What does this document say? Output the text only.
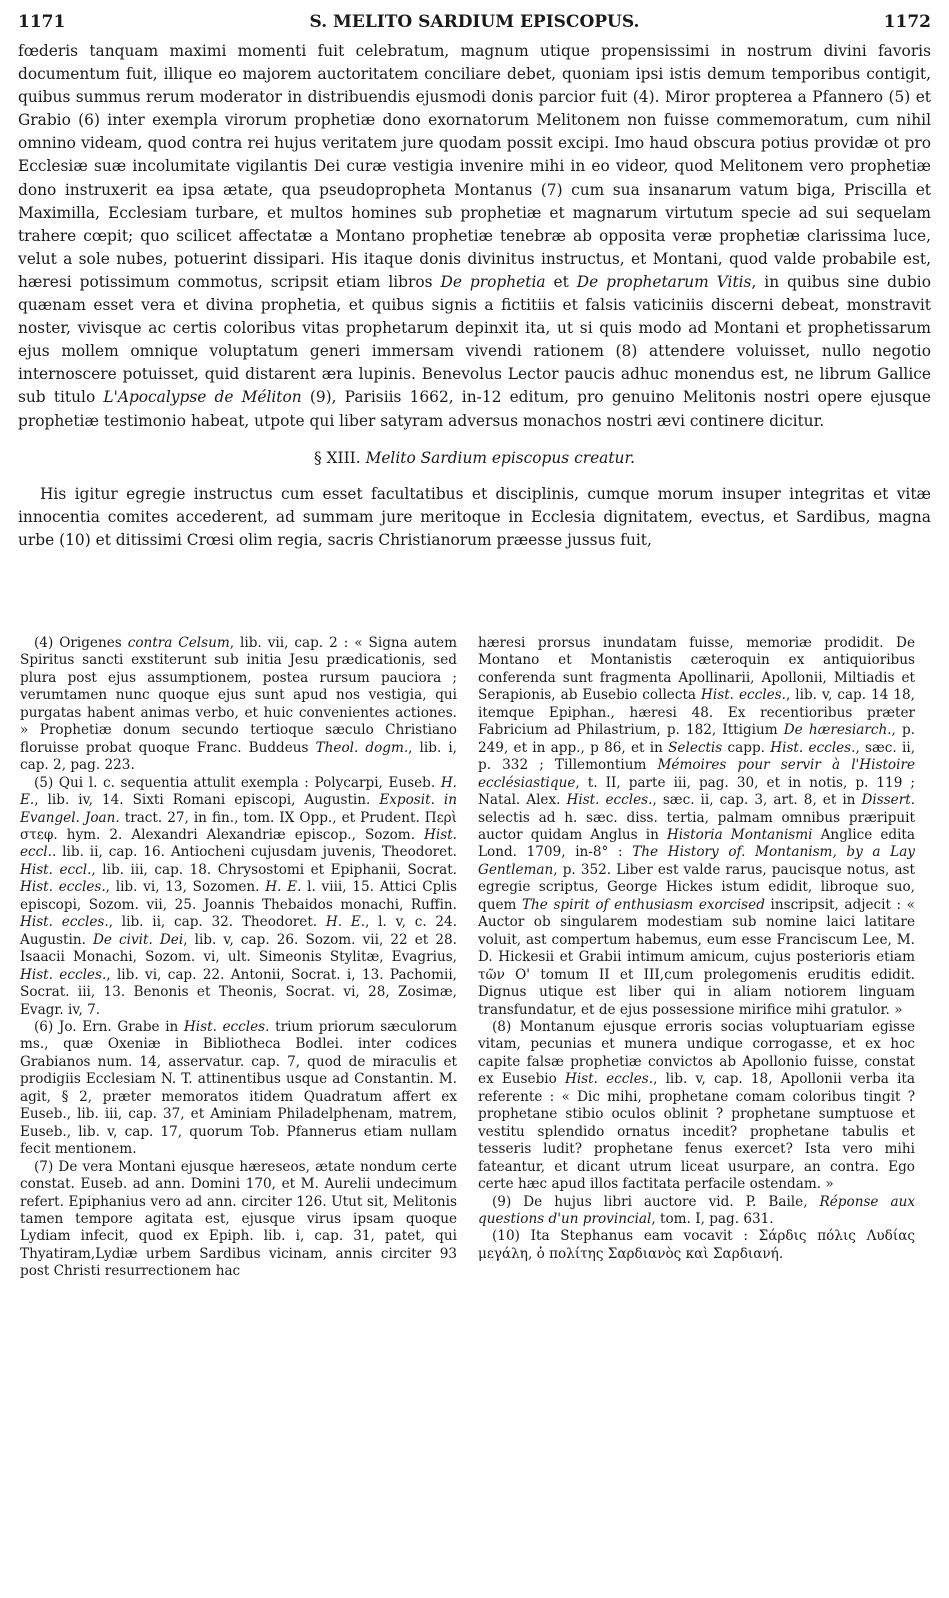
1171	S. MELITO SARDIUM EPISCOPUS.	1172

fœderis tanquam maximi momenti fuit celebratum, magnum utique propensissimi in nostrum divini favoris documentum fuit, illique eo majorem auctoritatem conciliare debet, quoniam ipsi istis demum temporibus contigit, quibus summus rerum moderator in distribuendis ejusmodi donis parcior fuit (4). Miror propterea a Pfannero (5) et Grabio (6) inter exempla virorum prophetiæ dono exornatorum Melitonem non fuisse commemoratum, cum nihil omnino videam, quod contra rei hujus veritatem jure quodam possit excipi. Imo haud obscura potius providæ ot pro Ecclesiæ suæ incolumitate vigilantis Dei curæ vestigia invenire mihi in eo videor, quod Melitonem vero prophetiæ dono instruxerit ea ipsa ætate, qua pseudopropheta Montanus (7) cum sua insanarum vatum biga, Priscilla et Maximilla, Ecclesiam turbare, et multos homines sub prophetiæ et magnarum virtutum specie ad sui sequelam trahere cœpit; quo scilicet affectatæ a Montano prophetiæ tenebræ ab opposita veræ prophetiæ clarissima luce, velut a sole nubes, potuerint dissipari. His itaque donis divinitus instructus, et Montani, quod valde probabile est, hæresi potissimum commotus, scripsit etiam libros De prophetia et De prophetarum Vitis, in quibus sine dubio quænam esset vera et divina prophetia, et quibus signis a fictitiis et falsis vaticiniis discerni debeat, monstravit noster, vivisque ac certis coloribus vitas prophetarum depinxit ita, ut si quis modo ad Montani et prophetissarum ejus mollem omnique voluptatum generi immersam vivendi rationem (8) attendere voluisset, nullo negotio internoscere potuisset, quid distarent æra lupinis. Benevolus Lector paucis adhuc monendus est, ne librum Gallice sub titulo L'Apocalypse de Méliton (9), Parisiis 1662, in-12 editum, pro genuino Melitonis nostri opere ejusque prophetiæ testimonio habeat, utpote qui liber satyram adversus monachos nostri ævi continere dicitur.

§ XIII. Melito Sardium episcopus creatur.

His igitur egregie instructus cum esset facultatibus et disciplinis, cumque morum insuper integritas et vitæ innocentia comites accederent, ad summam jure meritoque in Ecclesia dignitatem, evectus, et Sardibus, magna urbe (10) et ditissimi Crœsi olim regia, sacris Christianorum præesse jussus fuit,

(4) Origenes contra Celsum, lib. vii, cap. 2 : « Signa autem Spiritus sancti exstiterunt sub initia Jesu prædicationis, sed plura post ejus assumptionem, postea rursum pauciora ; verumtamen nunc quoque ejus sunt apud nos vestigia, qui purgatas habent animas verbo, et huic convenientes actiones. » Prophetiæ donum secundo tertioque sæculo Christiano floruisse probat quoque Franc. Buddeus Theol. dogm., lib. i, cap. 2, pag. 223.

(5) Qui l. c. sequentia attulit exempla : Polycarpi, Euseb. H. E., lib. iv, 14. Sixti Romani episcopi, Augustin. Exposit. in Evangel. Joan. tract. 27, in fin., tom. IX Opp., et Prudent. Περὶ στεφ. hym. 2. Alexandri Alexandriæ episcop., Sozom. Hist. eccl.. lib. ii, cap. 16. Antiocheni cujusdam juvenis, Theodoret. Hist. eccl., lib. iii, cap. 18. Chrysostomi et Epiphanii, Socrat. Hist. eccles., lib. vi, 13, Sozomen. H. E. l. viii, 15. Attici Cplis episcopi, Sozom. vii, 25. Joannis Thebaidos monachi, Ruffin. Hist. eccles., lib. ii, cap. 32. Theodoret. H. E., l. v, c. 24. Augustin. De civit. Dei, lib. v, cap. 26. Sozom. vii, 22 et 28. Isaacii Monachi, Sozom. vi, ult. Simeonis Stylitæ, Evagrius, Hist. eccles., lib. vi, cap. 22. Antonii, Socrat. i, 13. Pachomii, Socrat. iii, 13. Benonis et Theonis, Socrat. vi, 28, Zosimæ, Evagr. iv, 7.

(6) Jo. Ern. Grabe in Hist. eccles. trium priorum sæculorum ms., quæ Oxeniæ in Bibliotheca Bodlei. inter codices Grabianos num. 14, asservatur. cap. 7, quod de miraculis et prodigiis Ecclesiam N. T. attinentibus usque ad Constantin. M. agit, § 2, præter memoratos itidem Quadratum affert ex Euseb., lib. iii, cap. 37, et Aminiam Philadelphenam, matrem, Euseb., lib. v, cap. 17, quorum Tob. Pfannerus etiam nullam fecit mentionem.

(7) De vera Montani ejusque hæreseos, ætate nondum certe constat. Euseb. ad ann. Domini 170, et M. Aurelii undecimum refert. Epiphanius vero ad ann. circiter 126. Utut sit, Melitonis tamen tempore agitata est, ejusque virus ipsam quoque Lydiam infecit, quod ex Epiph. lib. i, cap. 31, patet, qui Thyatiram,Lydiæ urbem Sardibus vicinam, annis circiter 93 post Christi resurrectionem hac

hæresi prorsus inundatam fuisse, memoriæ prodidit. De Montano et Montanistis cæteroquin ex antiquioribus conferenda sunt fragmenta Apollinarii, Apollonii, Miltiadis et Serapionis, ab Eusebio collecta Hist. eccles., lib. v, cap. 14 18, itemque Epiphan., hæresi 48. Ex recentioribus præter Fabricium ad Philastrium, p. 182, Ittigium De hæresiarch., p. 249, et in app., p 86, et in Selectis capp. Hist. eccles., sæc. ii, p. 332 ; Tillemontium Mémoires pour servir à l'Histoire ecclésiastique, t. II, parte iii, pag. 30, et in notis, p. 119 ; Natal. Alex. Hist. eccles., sæc. ii, cap. 3, art. 8, et in Dissert. selectis ad h. sæc. diss. tertia, palmam omnibus præripuit auctor quidam Anglus in Historia Montanismi Anglice edita Lond. 1709, in-8° : The History of. Montanism, by a Lay Gentleman, p. 352. Liber est valde rarus, paucisque notus, ast egregie scriptus, George Hickes istum edidit, libroque suo, quem The spirit of enthusiasm exorcised inscripsit, adjecit : « Auctor ob singularem modestiam sub nomine laici latitare voluit, ast compertum habemus, eum esse Franciscum Lee, M. D. Hickesii et Grabii intimum amicum, cujus posterioris etiam τῶν O' tomum II et III,cum prolegomenis eruditis edidit. Dignus utique est liber qui in aliam notiorem linguam transfundatur, et de ejus possessione mirifice mihi gratulor. »

(8) Montanum ejusque erroris socias voluptuariam egisse vitam, pecunias et munera undique corrogasse, et ex hoc capite falsæ prophetiæ convictos ab Apollonio fuisse, constat ex Eusebio Hist. eccles., lib. v, cap. 18, Apollonii verba ita referente : « Dic mihi, prophetane comam coloribus tingit ? prophetane stibio oculos oblinit ? prophetane sumptuose et vestitu splendido ornatus incedit? prophetane tabulis et tesseris ludit? prophetane fenus exercet? Ista vero mihi fateantur, et dicant utrum liceat usurpare, an contra. Ego certe hæc apud illos factitata perfacile ostendam. »

(9) De hujus libri auctore vid. P. Baile, Réponse aux questions d'un provincial, tom. I, pag. 631.

(10) Ita Stephanus eam vocavit : Σάρδις πόλις Λυδίας μεγάλη, ὁ πολίτης Σαρδιανὸς καὶ Σαρδιανή.
